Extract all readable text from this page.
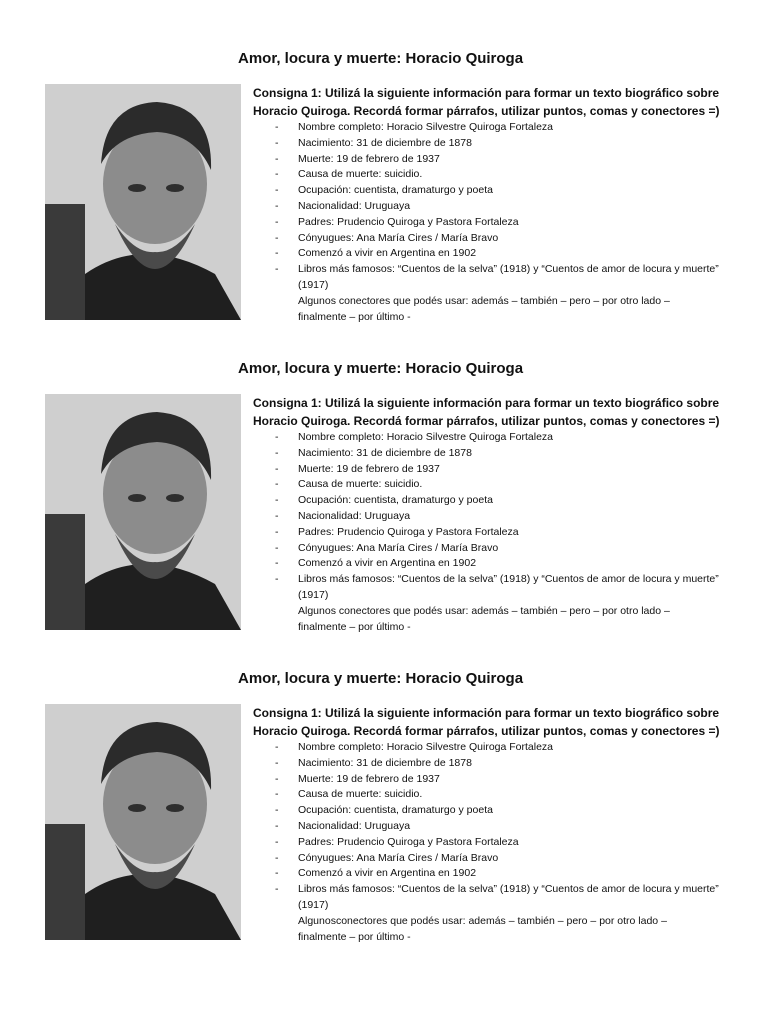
Amor, locura y muerte: Horacio Quiroga
Consigna 1: Utilizá la siguiente información para formar un texto biográfico sobre Horacio Quiroga. Recordá formar párrafos, utilizar puntos, comas y conectores =)
- Nombre completo: Horacio Silvestre Quiroga Fortaleza
- Nacimiento: 31 de diciembre de 1878
- Muerte: 19 de febrero de 1937
- Causa de muerte: suicidio.
- Ocupación: cuentista, dramaturgo y poeta
- Nacionalidad: Uruguaya
- Padres: Prudencio Quiroga y Pastora Fortaleza
- Cónyugues: Ana María Cires / María Bravo
- Comenzó a vivir en Argentina en 1902
- Libros más famosos: “Cuentos de la selva” (1918) y “Cuentos de amor de locura y muerte” (1917)
Algunos conectores que podés usar: además – también – pero – por otro lado – finalmente – por último -
Amor, locura y muerte: Horacio Quiroga
Consigna 1: Utilizá la siguiente información para formar un texto biográfico sobre Horacio Quiroga. Recordá formar párrafos, utilizar puntos, comas y conectores =)
- Nombre completo: Horacio Silvestre Quiroga Fortaleza
- Nacimiento: 31 de diciembre de 1878
- Muerte: 19 de febrero de 1937
- Causa de muerte: suicidio.
- Ocupación: cuentista, dramaturgo y poeta
- Nacionalidad: Uruguaya
- Padres: Prudencio Quiroga y Pastora Fortaleza
- Cónyugues: Ana María Cires / María Bravo
- Comenzó a vivir en Argentina en 1902
- Libros más famosos: “Cuentos de la selva” (1918) y “Cuentos de amor de locura y muerte” (1917)
Algunos conectores que podés usar: además – también – pero – por otro lado – finalmente – por último -
Amor, locura y muerte: Horacio Quiroga
Consigna 1: Utilizá la siguiente información para formar un texto biográfico sobre Horacio Quiroga. Recordá formar párrafos, utilizar puntos, comas y conectores =)
- Nombre completo: Horacio Silvestre Quiroga Fortaleza
- Nacimiento: 31 de diciembre de 1878
- Muerte: 19 de febrero de 1937
- Causa de muerte: suicidio.
- Ocupación: cuentista, dramaturgo y poeta
- Nacionalidad: Uruguaya
- Padres: Prudencio Quiroga y Pastora Fortaleza
- Cónyugues: Ana María Cires / María Bravo
- Comenzó a vivir en Argentina en 1902
- Libros más famosos: “Cuentos de la selva” (1918) y “Cuentos de amor de locura y muerte” (1917)
Algunosconectores que podés usar: además – también – pero – por otro lado – finalmente – por último -
